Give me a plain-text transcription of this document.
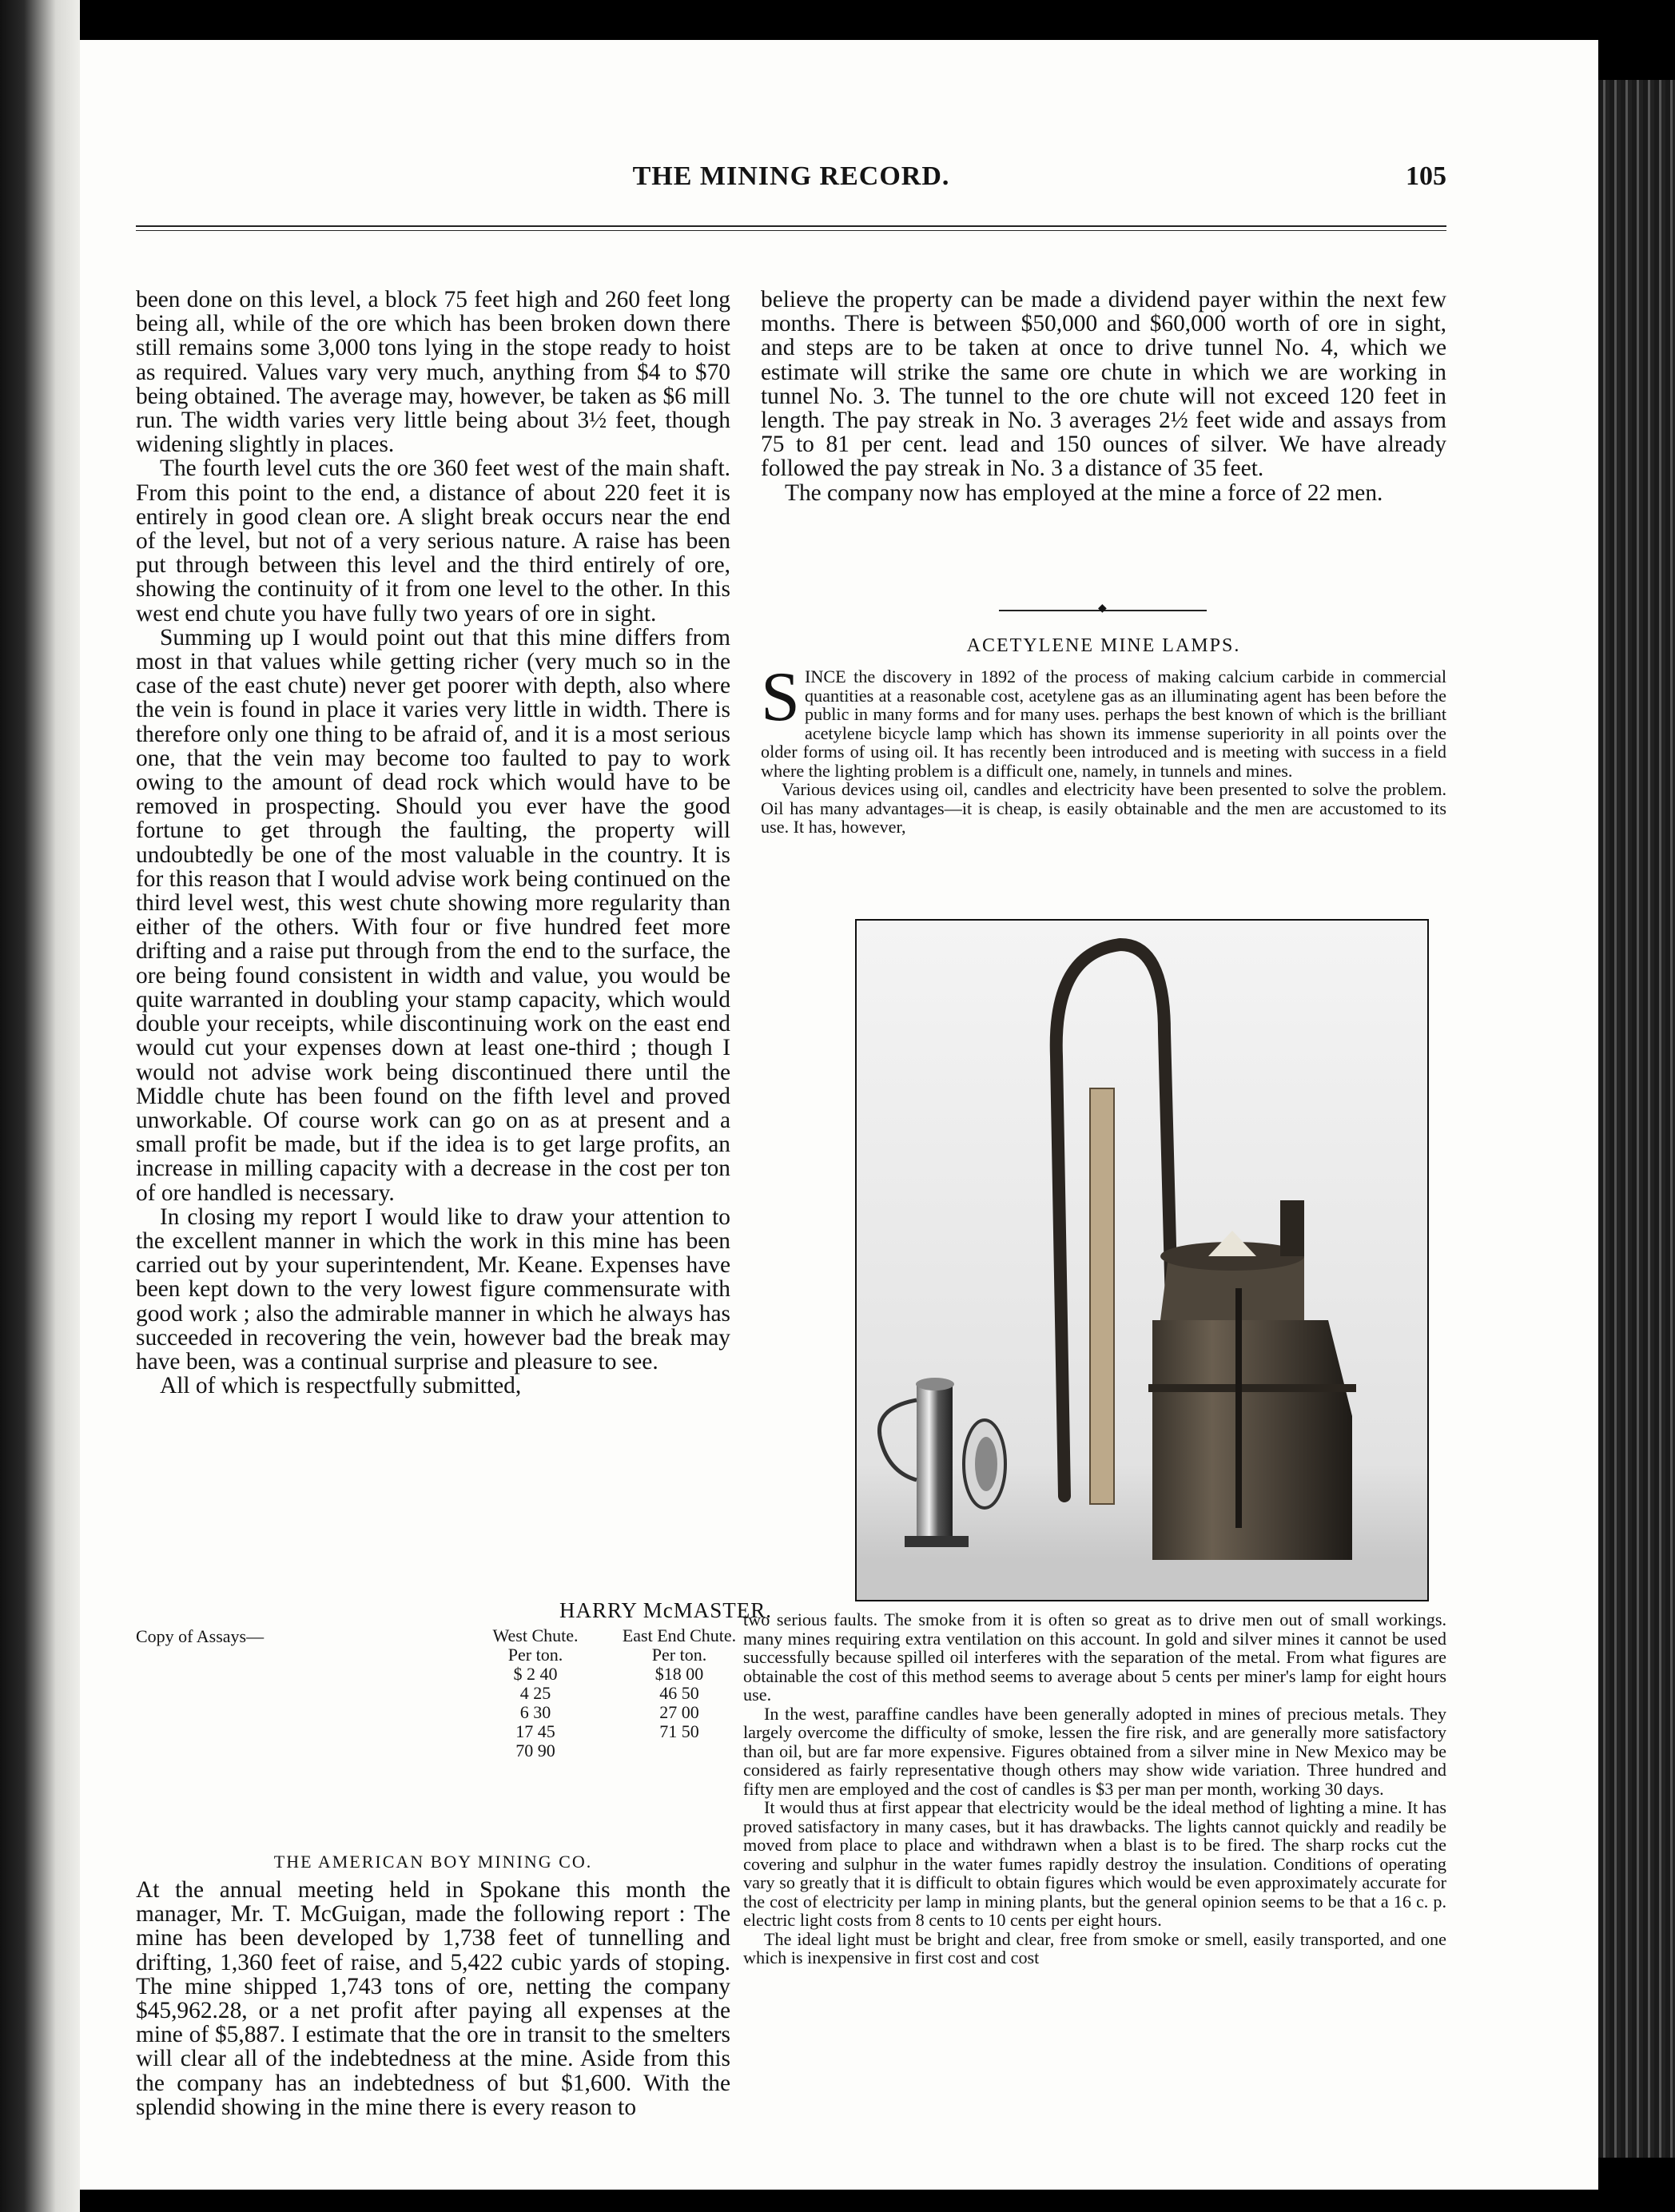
THE MINING RECORD.	105

been done on this level, a block 75 feet high and 260 feet long being all, while of the ore which has been broken down there still remains some 3,000 tons lying in the stope ready to hoist as required. Values vary very much, anything from $4 to $70 being obtained. The average may, however, be taken as $6 mill run. The width varies very little being about 3½ feet, though widening slightly in places.

The fourth level cuts the ore 360 feet west of the main shaft. From this point to the end, a distance of about 220 feet it is entirely in good clean ore. A slight break occurs near the end of the level, but not of a very serious nature. A raise has been put through between this level and the third entirely of ore, showing the continuity of it from one level to the other. In this west end chute you have fully two years of ore in sight.

Summing up I would point out that this mine differs from most in that values while getting richer (very much so in the case of the east chute) never get poorer with depth, also where the vein is found in place it varies very little in width. There is therefore only one thing to be afraid of, and it is a most serious one, that the vein may become too faulted to pay to work owing to the amount of dead rock which would have to be removed in prospecting. Should you ever have the good fortune to get through the faulting, the property will undoubtedly be one of the most valuable in the country. It is for this reason that I would advise work being continued on the third level west, this west chute showing more regularity than either of the others. With four or five hundred feet more drifting and a raise put through from the end to the surface, the ore being found consistent in width and value, you would be quite warranted in doubling your stamp capacity, which would double your receipts, while discontinuing work on the east end would cut your expenses down at least one-third ; though I would not advise work being discontinued there until the Middle chute has been found on the fifth level and proved unworkable. Of course work can go on as at present and a small profit be made, but if the idea is to get large profits, an increase in milling capacity with a decrease in the cost per ton of ore handled is necessary.

In closing my report I would like to draw your attention to the excellent manner in which the work in this mine has been carried out by your superintendent, Mr. Keane. Expenses have been kept down to the very lowest figure commensurate with good work ; also the admirable manner in which he always has succeeded in recovering the vein, however bad the break may have been, was a continual surprise and pleasure to see.

All of which is respectfully submitted,

HARRY McMASTER.
Copy of Assays—	West Chute.
Per ton.
$ 2 40
4 25
6 30
17 45
70 90
East End Chute.
Per ton.
$18 00
46 50
27 00
71 50
THE AMERICAN BOY MINING CO.
At the annual meeting held in Spokane this month the manager, Mr. T. McGuigan, made the following report : The mine has been developed by 1,738 feet of tunnelling and drifting, 1,360 feet of raise, and 5,422 cubic yards of stoping. The mine shipped 1,743 tons of ore, netting the company $45,962.28, or a net profit after paying all expenses at the mine of $5,887. I estimate that the ore in transit to the smelters will clear all of the indebtedness at the mine. Aside from this the company has an indebtedness of but $1,600. With the splendid showing in the mine there is every reason to

believe the property can be made a dividend payer within the next few months. There is between $50,000 and $60,000 worth of ore in sight, and steps are to be taken at once to drive tunnel No. 4, which we estimate will strike the same ore chute in which we are working in tunnel No. 3. The tunnel to the ore chute will not exceed 120 feet in length. The pay streak in No. 3 averages 2½ feet wide and assays from 75 to 81 per cent. lead and 150 ounces of silver. We have already followed the pay streak in No. 3 a distance of 35 feet.

The company now has employed at the mine a force of 22 men.

◆
ACETYLENE MINE LAMPS.

SINCE the discovery in 1892 of the process of making calcium carbide in commercial quantities at a reasonable cost, acetylene gas as an illuminating agent has been before the public in many forms and for many uses. perhaps the best known of which is the brilliant acetylene bicycle lamp which has shown its immense superiority in all points over the older forms of using oil. It has recently been introduced and is meeting with success in a field where the lighting problem is a difficult one, namely, in tunnels and mines.

Various devices using oil, candles and electricity have been presented to solve the problem. Oil has many advantages—it is cheap, is easily obtainable and the men are accustomed to its use. It has, however,

two serious faults. The smoke from it is often so great as to drive men out of small workings. many mines requiring extra ventilation on this account. In gold and silver mines it cannot be used successfully because spilled oil interferes with the separation of the metal. From what figures are obtainable the cost of this method seems to average about 5 cents per miner's lamp for eight hours use.

In the west, paraffine candles have been generally adopted in mines of precious metals. They largely overcome the difficulty of smoke, lessen the fire risk, and are generally more satisfactory than oil, but are far more expensive. Figures obtained from a silver mine in New Mexico may be considered as fairly representative though others may show wide variation. Three hundred and fifty men are employed and the cost of candles is $3 per man per month, working 30 days.

It would thus at first appear that electricity would be the ideal method of lighting a mine. It has proved satisfactory in many cases, but it has drawbacks. The lights cannot quickly and readily be moved from place to place and withdrawn when a blast is to be fired. The sharp rocks cut the covering and sulphur in the water fumes rapidly destroy the insulation. Conditions of operating vary so greatly that it is difficult to obtain figures which would be even approximately accurate for the cost of electricity per lamp in mining plants, but the general opinion seems to be that a 16 c. p. electric light costs from 8 cents to 10 cents per eight hours.

The ideal light must be bright and clear, free from smoke or smell, easily transported, and one which is inexpensive in first cost and cost
